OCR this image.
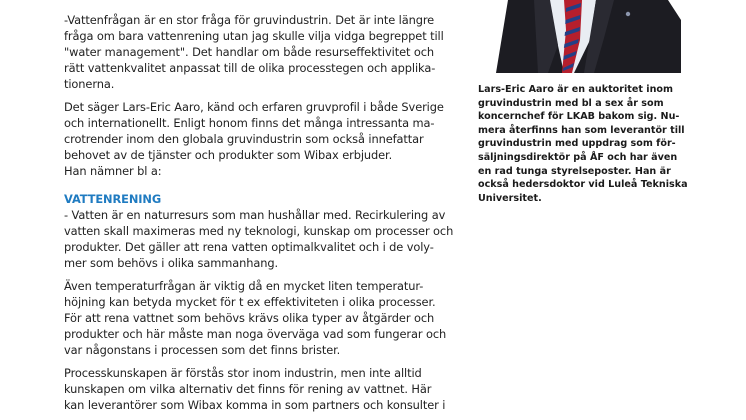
-Vattenfrågan är en stor fråga för gruvindustrin. Det är inte längre
fråga om bara vattenrening utan jag skulle vilja vidga begreppet till
"water management". Det handlar om både resurseffektivitet och
rätt vattenkvalitet anpassat till de olika processtegen och applika-
tionerna.

Det säger Lars-Eric Aaro, känd och erfaren gruvprofil i både Sverige
och internationellt. Enligt honom finns det många intressanta ma-
crotrender inom den globala gruvindustrin som också innefattar
behovet av de tjänster och produkter som Wibax erbjuder.
Han nämner bl a:

VATTENRENING

- Vatten är en naturresurs som man hushållar med. Recirkulering av
vatten skall maximeras med ny teknologi, kunskap om processer och
produkter. Det gäller att rena vatten optimalkvalitet och i de voly-
mer som behövs i olika sammanhang.

Även temperaturfrågan är viktig då en mycket liten temperatur-
höjning kan betyda mycket för t ex effektiviteten i olika processer.
För att rena vattnet som behövs krävs olika typer av åtgärder och
produkter och här måste man noga överväga vad som fungerar och
var någonstans i processen som det finns brister.

Processkunskapen är förstås stor inom industrin, men inte alltid
kunskapen om vilka alternativ det finns för rening av vattnet. Här
kan leverantörer som Wibax komma in som partners och konsulter i

Lars-Eric Aaro är en auktoritet inom
gruvindustrin med bl a sex år som
koncernchef för LKAB bakom sig. Nu-
mera återfinns han som leverantör till
gruvindustrin med uppdrag som för-
säljningsdirektör på ÅF och har även
en rad tunga styrelseposter. Han är
också hedersdoktor vid Luleå Tekniska
Universitet.
